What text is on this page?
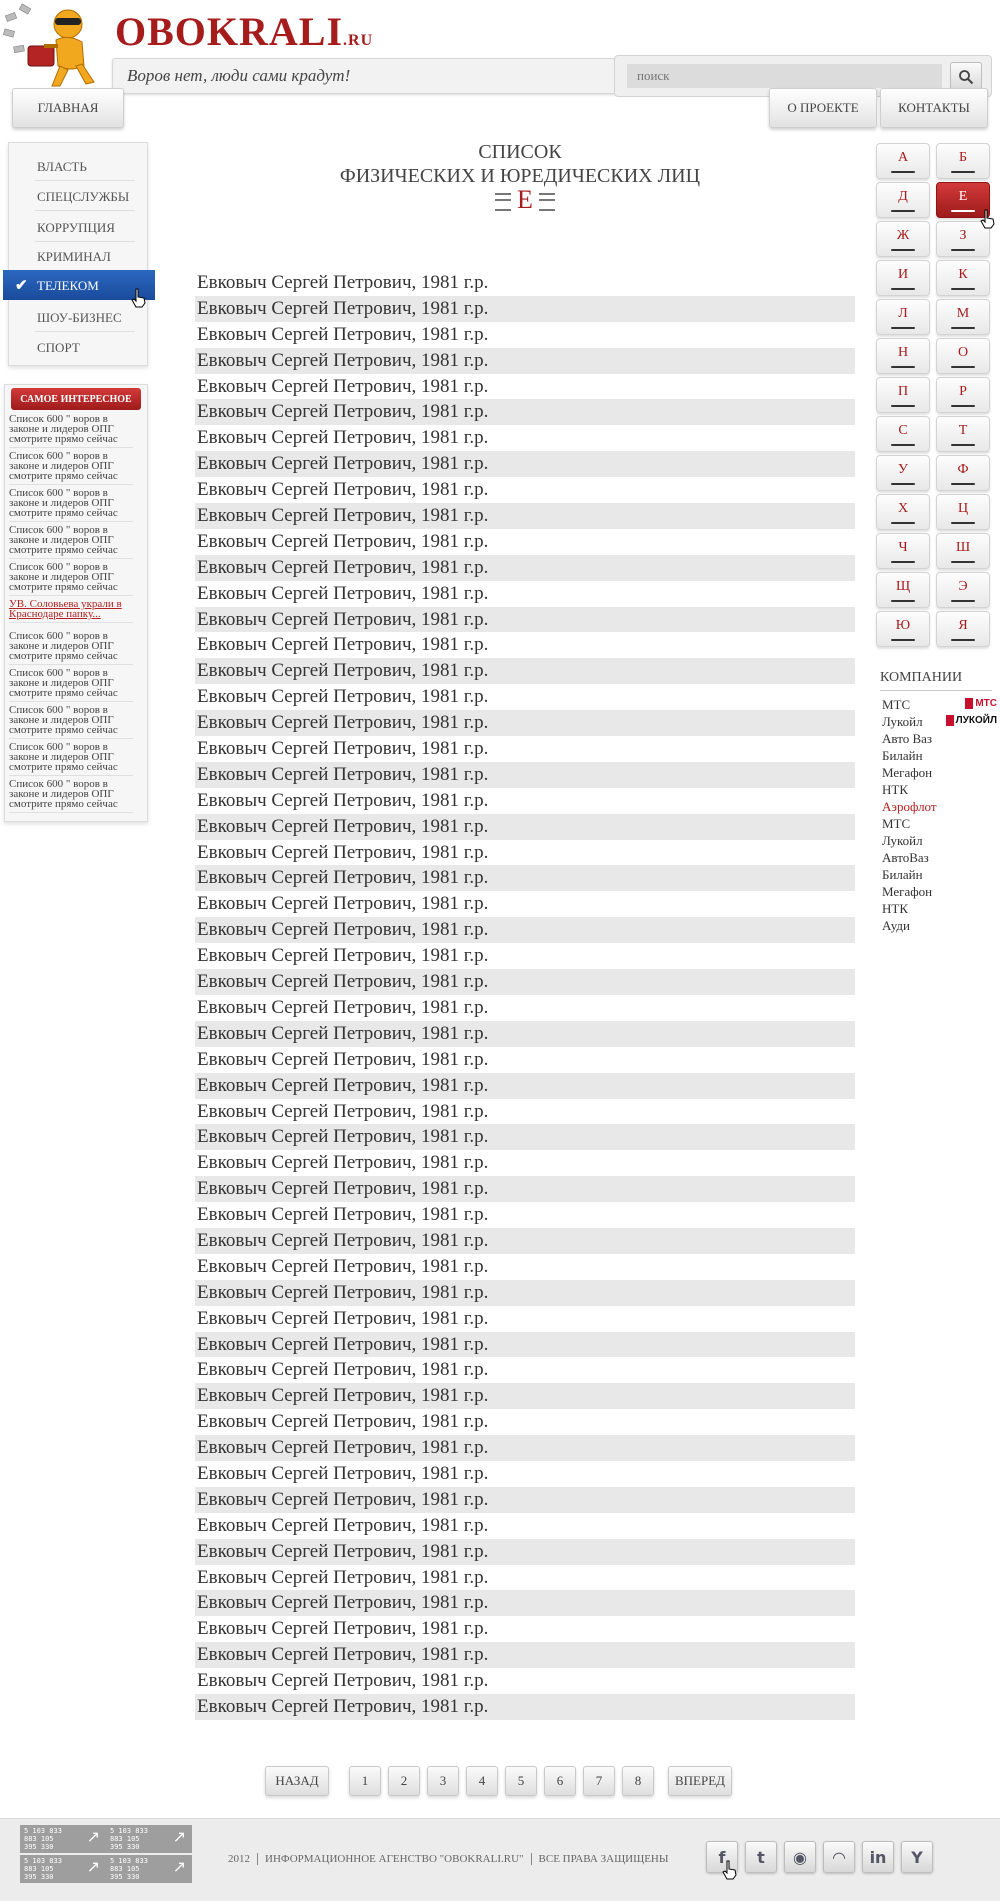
OBOKRALI.RU
Воров нет, люди сами крадут!
поиск
ГЛАВНАЯ	О ПРОЕКТЕ	КОНТАКТЫ
ВЛАСТЬ
СПЕЦСЛУЖБЫ
КОРРУПЦИЯ
КРИМИНАЛ
✔ ТЕЛЕКОМ
ШОУ-БИЗНЕС
СПОРТ
САМОЕ ИНТЕРЕСНОЕ
Список 600 " воров в законе и лидеров ОПГ смотрите прямо сейчас
Список 600 " воров в законе и лидеров ОПГ смотрите прямо сейчас
Список 600 " воров в законе и лидеров ОПГ смотрите прямо сейчас
Список 600 " воров в законе и лидеров ОПГ смотрите прямо сейчас
Список 600 " воров в законе и лидеров ОПГ смотрите прямо сейчас
УВ. Соловьева украли в Краснодаре папку...
Список 600 " воров в законе и лидеров ОПГ смотрите прямо сейчас
Список 600 " воров в законе и лидеров ОПГ смотрите прямо сейчас
Список 600 " воров в законе и лидеров ОПГ смотрите прямо сейчас
Список 600 " воров в законе и лидеров ОПГ смотрите прямо сейчас
Список 600 " воров в законе и лидеров ОПГ смотрите прямо сейчас
СПИСОК
ФИЗИЧЕСКИХ И ЮРЕДИЧЕСКИХ ЛИЦ
Е
Евковыч Сергей Петрович, 1981 г.р.
Евковыч Сергей Петрович, 1981 г.р.
Евковыч Сергей Петрович, 1981 г.р.
Евковыч Сергей Петрович, 1981 г.р.
Евковыч Сергей Петрович, 1981 г.р.
Евковыч Сергей Петрович, 1981 г.р.
Евковыч Сергей Петрович, 1981 г.р.
Евковыч Сергей Петрович, 1981 г.р.
Евковыч Сергей Петрович, 1981 г.р.
Евковыч Сергей Петрович, 1981 г.р.
Евковыч Сергей Петрович, 1981 г.р.
Евковыч Сергей Петрович, 1981 г.р.
Евковыч Сергей Петрович, 1981 г.р.
Евковыч Сергей Петрович, 1981 г.р.
Евковыч Сергей Петрович, 1981 г.р.
Евковыч Сергей Петрович, 1981 г.р.
Евковыч Сергей Петрович, 1981 г.р.
Евковыч Сергей Петрович, 1981 г.р.
Евковыч Сергей Петрович, 1981 г.р.
Евковыч Сергей Петрович, 1981 г.р.
Евковыч Сергей Петрович, 1981 г.р.
Евковыч Сергей Петрович, 1981 г.р.
Евковыч Сергей Петрович, 1981 г.р.
Евковыч Сергей Петрович, 1981 г.р.
Евковыч Сергей Петрович, 1981 г.р.
Евковыч Сергей Петрович, 1981 г.р.
Евковыч Сергей Петрович, 1981 г.р.
Евковыч Сергей Петрович, 1981 г.р.
Евковыч Сергей Петрович, 1981 г.р.
Евковыч Сергей Петрович, 1981 г.р.
Евковыч Сергей Петрович, 1981 г.р.
Евковыч Сергей Петрович, 1981 г.р.
Евковыч Сергей Петрович, 1981 г.р.
Евковыч Сергей Петрович, 1981 г.р.
Евковыч Сергей Петрович, 1981 г.р.
Евковыч Сергей Петрович, 1981 г.р.
Евковыч Сергей Петрович, 1981 г.р.
Евковыч Сергей Петрович, 1981 г.р.
Евковыч Сергей Петрович, 1981 г.р.
Евковыч Сергей Петрович, 1981 г.р.
Евковыч Сергей Петрович, 1981 г.р.
Евковыч Сергей Петрович, 1981 г.р.
Евковыч Сергей Петрович, 1981 г.р.
Евковыч Сергей Петрович, 1981 г.р.
Евковыч Сергей Петрович, 1981 г.р.
Евковыч Сергей Петрович, 1981 г.р.
Евковыч Сергей Петрович, 1981 г.р.
Евковыч Сергей Петрович, 1981 г.р.
Евковыч Сергей Петрович, 1981 г.р.
Евковыч Сергей Петрович, 1981 г.р.
Евковыч Сергей Петрович, 1981 г.р.
Евковыч Сергей Петрович, 1981 г.р.
Евковыч Сергей Петрович, 1981 г.р.
Евковыч Сергей Петрович, 1981 г.р.
Евковыч Сергей Петрович, 1981 г.р.
Евковыч Сергей Петрович, 1981 г.р.
НАЗАД	1	2	3	4	5	6	7	8	ВПЕРЕД
А	Б
Д	Е
Ж	З
И	К
Л	М
Н	О
П	Р
С	Т
У	Ф
Х	Ц
Ч	Ш
Щ	Э
Ю	Я
КОМПАНИИ
МТС	МТС
Лукойл	ЛУКОЙЛ
Авто Ваз
Билайн
Мегафон
НТК
Аэрофлот
МТС
Лукойл
АвтоВаз
Билайн
Мегафон
НТК
Ауди
5 103 833
883 105
395 330
↗ 5 103 833
883 105
395 330
↗
5 103 833
883 105
395 330
↗ 5 103 833
883 105
395 330
↗	2012 ИНФОРМАЦИОННОЕ АГЕНСТВО "OBOKRALI.RU" ВСЕ ПРАВА ЗАЩИЩЕНЫ	f t ◉ ◠ in Y
